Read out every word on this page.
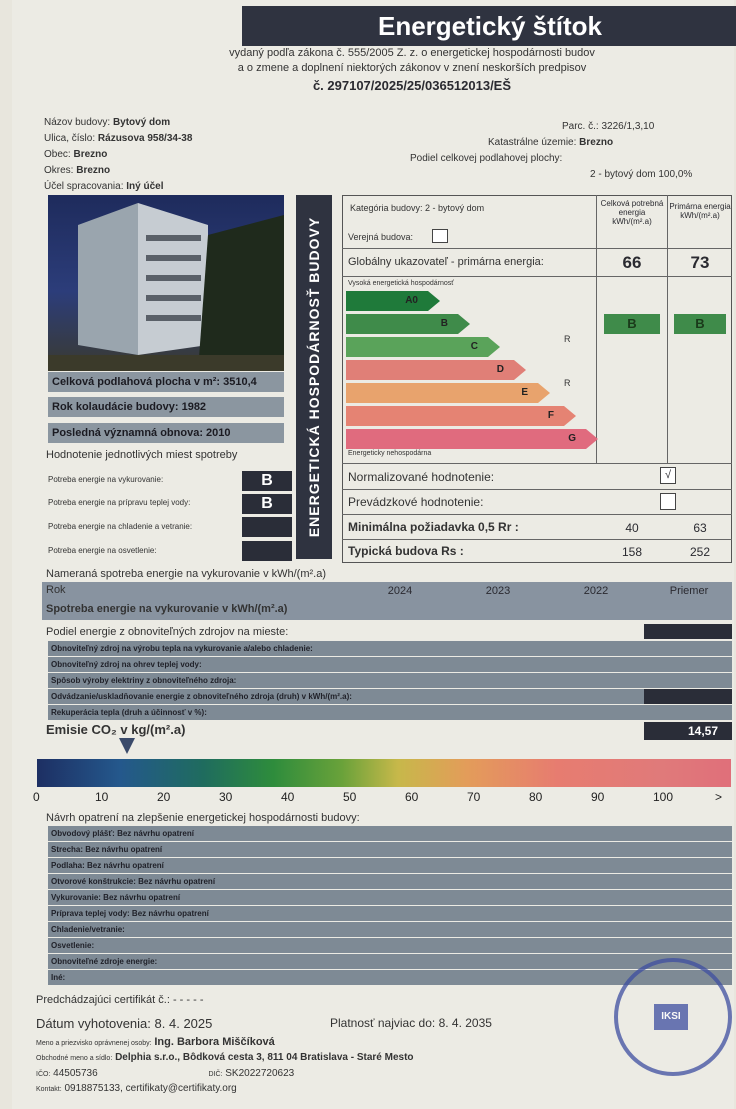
Energetický štítok
vydaný podľa zákona č. 555/2005 Z. z. o energetickej hospodárnosti budov
a o zmene a doplnení niektorých zákonov v znení neskorších predpisov
č. 297107/2025/25/036512013/EŠ
Názov budovy: Bytový dom
Ulica, číslo: Rázusova 958/34-38
Obec: Brezno
Okres: Brezno
Účel spracovania: Iný účel
Parc. č.: 3226/1,3,10
Katastrálne územie: Brezno
Podiel celkovej podlahovej plochy:
2 - bytový dom 100,0%
Celková podlahová plocha v m²: 3510,4
Rok kolaudácie budovy: 1982
Posledná významná obnova: 2010
Hodnotenie jednotlivých miest spotreby
Potreba energie na vykurovanie:	B
Potreba energie na prípravu teplej vody:	B
Potreba energie na chladenie a vetranie:
Potreba energie na osvetlenie:
ENERGETICKÁ HOSPODÁRNOSŤ BUDOVY
Kategória budovy: 2 - bytový dom
Verejná budova:
Celková potrebná energia
kWh/(m².a)
Primárna energia
kWh/(m².a)
Globálny ukazovateľ - primárna energia:	66	73
Vysoká energetická hospodárnosť
A0
B
C
D
E
F
G
R
R
Energeticky nehospodárna
B	B
Normalizované hodnotenie:	√
Prevádzkové hodnotenie:
Minimálna požiadavka 0,5 Rr :	40	63
Typická budova Rs :	158	252
Nameraná spotreba energie na vykurovanie v kWh/(m².a)
Rok	2024	2023	2022	Priemer
Spotreba energie na vykurovanie v kWh/(m².a)
Podiel energie z obnoviteľných zdrojov na mieste:
Obnoviteľný zdroj na výrobu tepla na vykurovanie a/alebo chladenie:
Obnoviteľný zdroj na ohrev teplej vody:
Spôsob výroby elektriny z obnoviteľného zdroja:
Odvádzanie/uskladňovanie energie z obnoviteľného zdroja (druh) v kWh/(m².a):
Rekuperácia tepla (druh a účinnosť v %):
Emisie CO₂ v kg/(m².a)	14,57
0	10	20	30	40	50	60	70	80	90	100	>
Návrh opatrení na zlepšenie energetickej hospodárnosti budovy:
Obvodový plášť: Bez návrhu opatrení
Strecha: Bez návrhu opatrení
Podlaha: Bez návrhu opatrení
Otvorové konštrukcie: Bez návrhu opatrení
Vykurovanie: Bez návrhu opatrení
Príprava teplej vody: Bez návrhu opatrení
Chladenie/vetranie:
Osvetlenie:
Obnoviteľné zdroje energie:
Iné:
Predchádzajúci certifikát č.: - - - - -
Dátum vyhotovenia: 8. 4. 2025	Platnosť najviac do: 8. 4. 2035
Meno a priezvisko oprávnenej osoby: Ing. Barbora Miščíková
Obchodné meno a sídlo: Delphia s.r.o., Bôdková cesta 3, 811 04 Bratislava - Staré Mesto
IČO: 44505736	DIČ: SK2022720623
Kontakt: 0918875133, certifikaty@certifikaty.org
IKSI
